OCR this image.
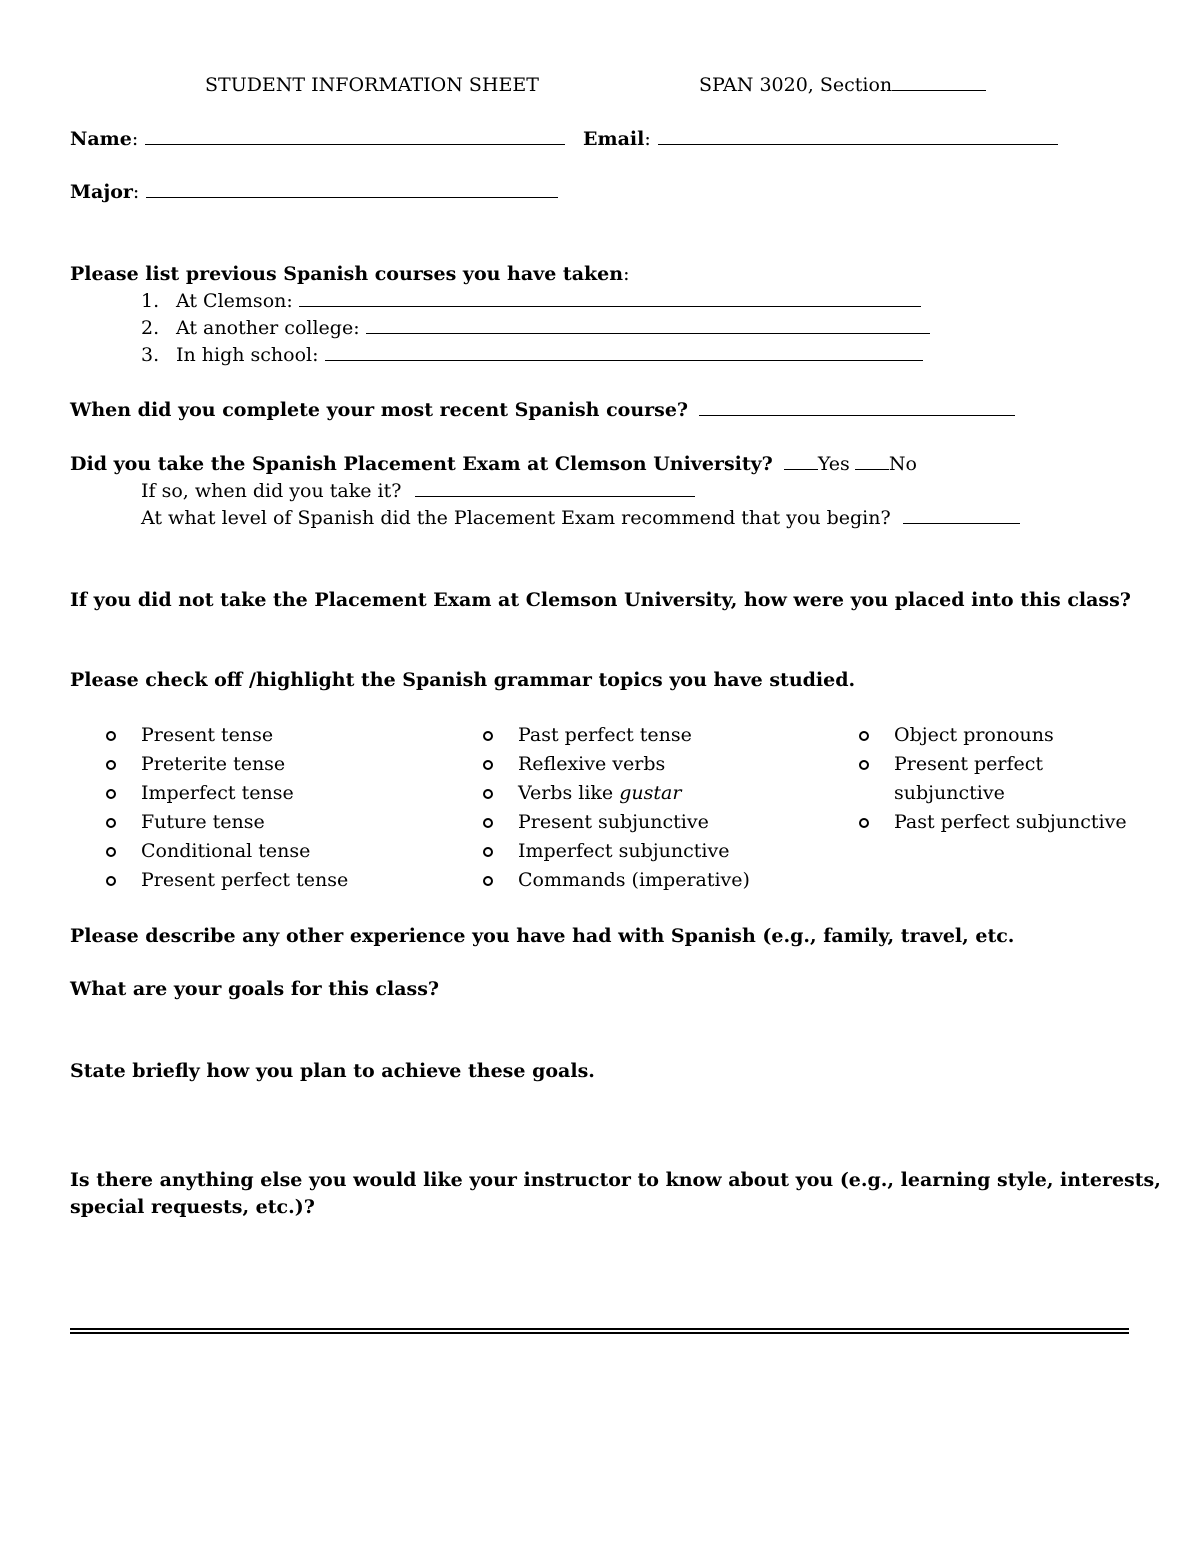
STUDENT INFORMATION SHEET	SPAN 3020, Section
Name:	Email:
Major:
Please list previous Spanish courses you have taken:
1. At Clemson:
2. At another college:
3. In high school:
When did you complete your most recent Spanish course?
Did you take the Spanish Placement Exam at Clemson University? Yes No
If so, when did you take it?
At what level of Spanish did the Placement Exam recommend that you begin?
If you did not take the Placement Exam at Clemson University, how were you placed into this class?
Please check off /highlight the Spanish grammar topics you have studied.
Present tense
Preterite tense
Imperfect tense
Future tense
Conditional tense
Present perfect tense
Past perfect tense
Reflexive verbs
Verbs like gustar
Present subjunctive
Imperfect subjunctive
Commands (imperative)
Object pronouns
Present perfect subjunctive
Past perfect subjunctive
Please describe any other experience you have had with Spanish (e.g., family, travel, etc.
What are your goals for this class?
State briefly how you plan to achieve these goals.
Is there anything else you would like your instructor to know about you (e.g., learning style, interests,
special requests, etc.)?
